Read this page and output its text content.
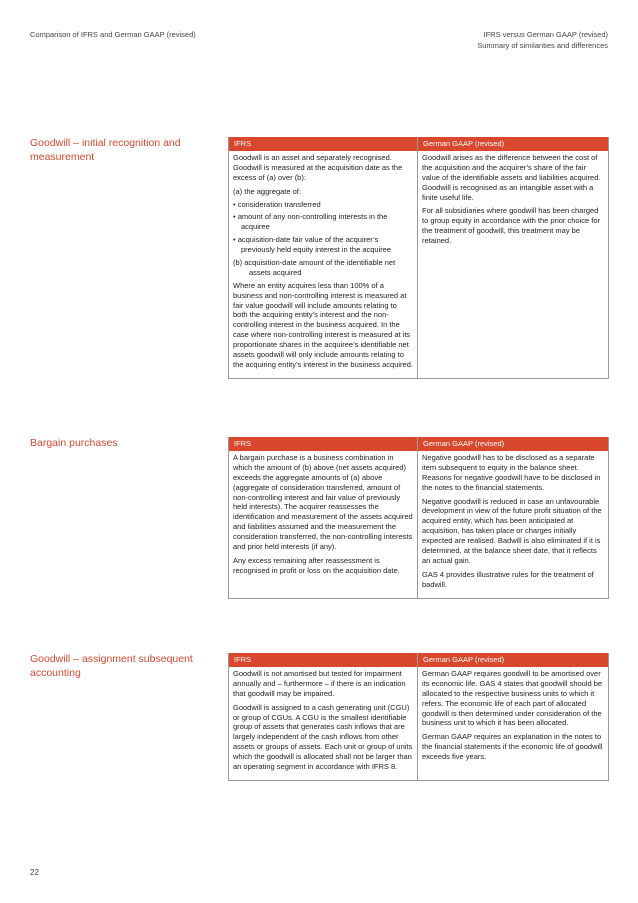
Comparison of IFRS and German GAAP (revised)	IFRS versus German GAAP (revised)
Summary of similarities and differences
Goodwill – initial recognition and measurement
IFRS

Goodwill is an asset and separately recognised. Goodwill is measured at the acquisition date as the excess of (a) over (b):

(a) the aggregate of:
• consideration transferred
• amount of any non-controlling interests in the acquiree
• acquisition-date fair value of the acquirer’s previously held equity interest in the acquiree
(b) acquisition-date amount of the identifiable net assets acquired

Where an entity acquires less than 100% of a business and non-controlling interest is measured at fair value goodwill will include amounts relating to both the acquiring entity’s interest and the non-controlling interest in the business acquired. In the case where non-controlling interest is measured at its proportionate shares in the acquiree’s identifiable net assets goodwill will only include amounts relating to the acquiring entity’s interest in the business acquired.

German GAAP (revised)

Goodwill arises as the difference between the cost of the acquisition and the acquirer’s share of the fair value of the identifiable assets and liabilities acquired. Goodwill is recognised as an intangible asset with a finite useful life.

For all subsidiaries where goodwill has been charged to group equity in accordance with the prior choice for the treatment of goodwill, this treatment may be retained.

Bargain purchases	IFRS

A bargain purchase is a business combination in which the amount of (b) above (net assets acquired) exceeds the aggregate amounts of (a) above (aggregate of consideration transferred, amount of non-controlling interest and fair value of previously held interests). The acquirer reassesses the identification and measurement of the assets acquired and liabilities assumed and the measurement the consideration transferred, the non-controlling interests and prior held interests (if any).

Any excess remaining after reassessment is recognised in profit or loss on the acquisition date.

German GAAP (revised)

Negative goodwill has to be disclosed as a separate item subsequent to equity in the balance sheet. Reasons for negative goodwill have to be disclosed in the notes to the financial statements.

Negative goodwill is reduced in case an unfavourable development in view of the future profit situation of the acquired entity, which has been anticipated at acquisition, has taken place or charges initially expected are realised. Badwill is also eliminated if it is determined, at the balance sheet date, that it reflects an actual gain.

GAS 4 provides illustrative rules for the treatment of badwill.

Goodwill – assignment subsequent accounting
IFRS

Goodwill is not amortised but tested for impairment annually and – furthermore – if there is an indication that goodwill may be impaired.

Goodwill is assigned to a cash generating unit (CGU) or group of CGUs. A CGU is the smallest identifiable group of assets that generates cash inflows that are largely independent of the cash inflows from other assets or groups of assets. Each unit or group of units which the goodwill is allocated shall not be larger than an operating segment in accordance with IFRS 8.

German GAAP (revised)

German GAAP requires goodwill to be amortised over its economic life. GAS 4 states that goodwill should be allocated to the respective business units to which it refers. The economic life of each part of allocated goodwill is then determined under consideration of the business unit to which it has been allocated.

German GAAP requires an explanation in the notes to the financial statements if the economic life of goodwill exceeds five years.

22
